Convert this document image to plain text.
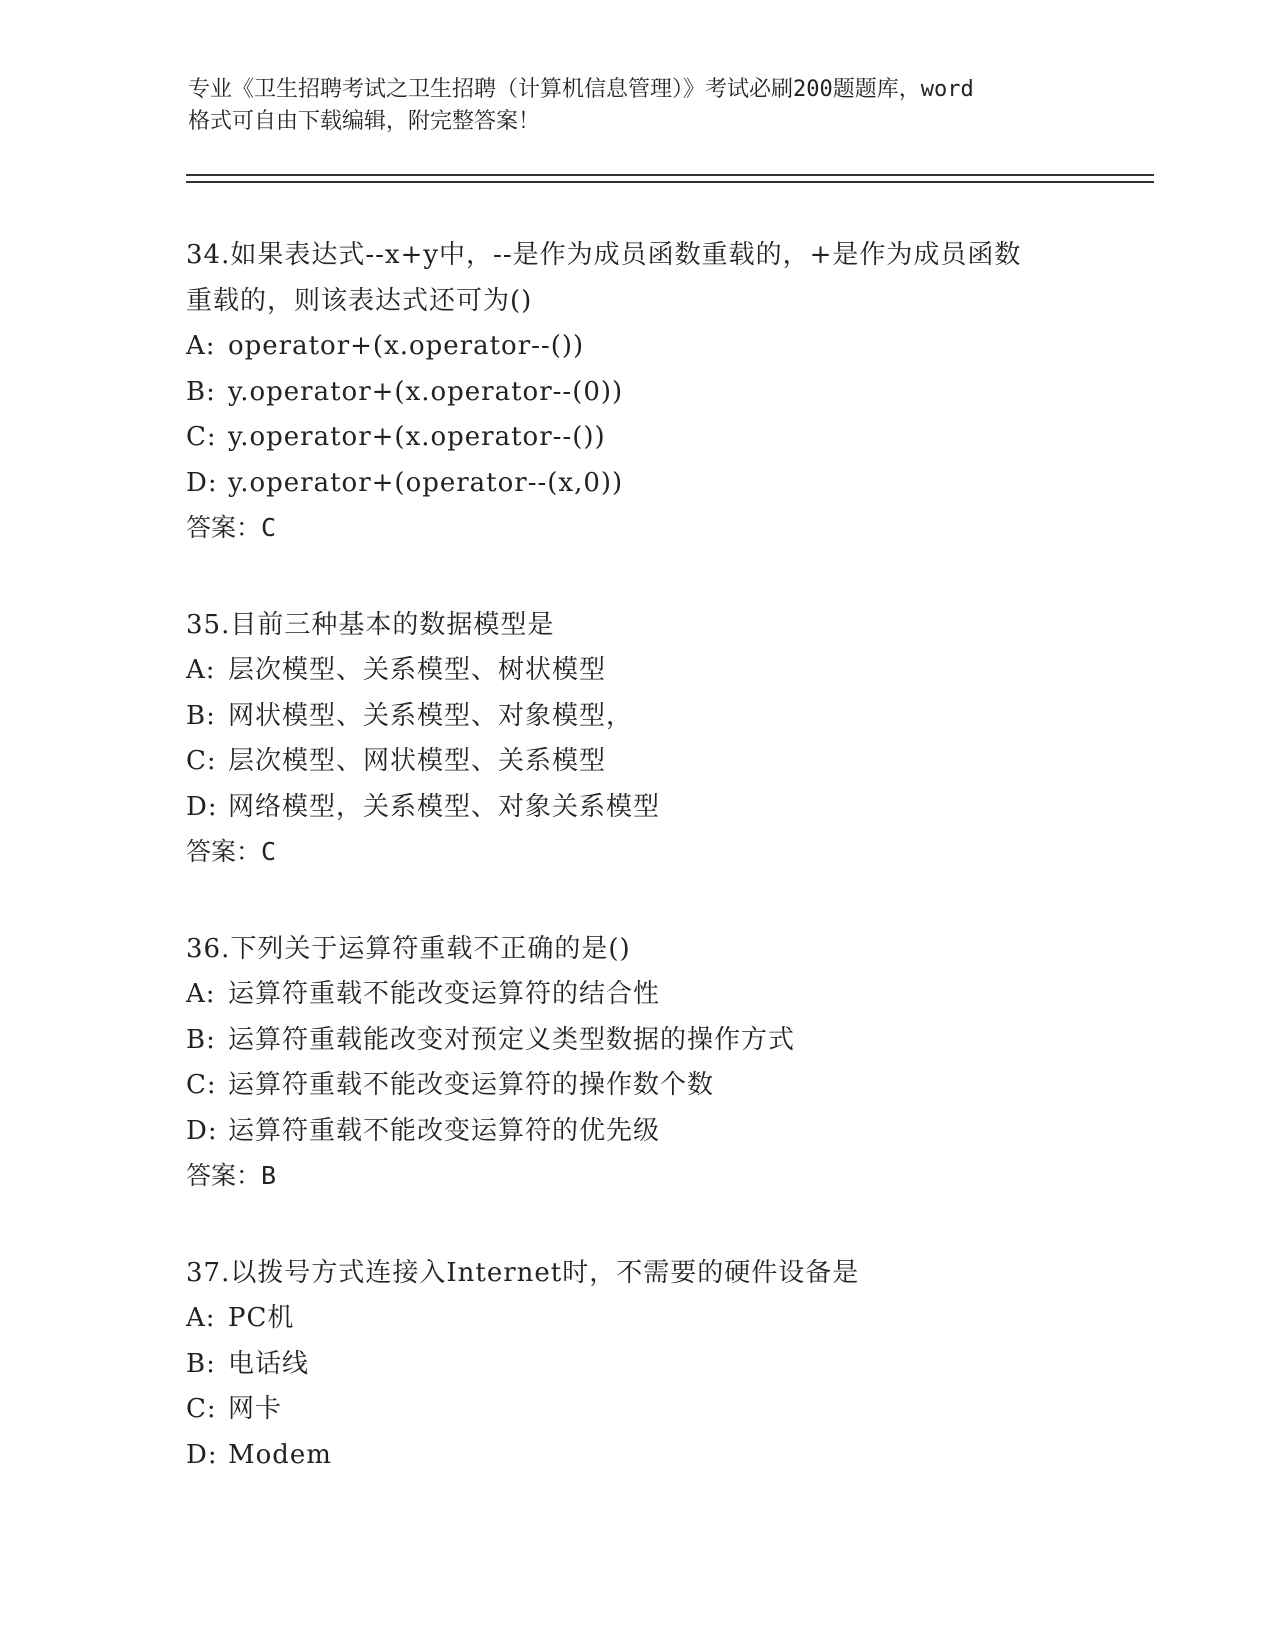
专业《卫生招聘考试之卫生招聘（计算机信息管理）》考试必刷200题题库，word
格式可自由下载编辑，附完整答案！
34.如果表达式--x+y中，--是作为成员函数重载的，+是作为成员函数
重载的，则该表达式还可为()
A: operator+(x.operator--())
B: y.operator+(x.operator--(0))
C: y.operator+(x.operator--())
D: y.operator+(operator--(x,0))
答案：C
35.目前三种基本的数据模型是
A: 层次模型、关系模型、树状模型
B: 网状模型、关系模型、对象模型，
C: 层次模型、网状模型、关系模型
D: 网络模型，关系模型、对象关系模型
答案：C
36.下列关于运算符重载不正确的是()
A: 运算符重载不能改变运算符的结合性
B: 运算符重载能改变对预定义类型数据的操作方式
C: 运算符重载不能改变运算符的操作数个数
D: 运算符重载不能改变运算符的优先级
答案：B
37.以拨号方式连接入Internet时，不需要的硬件设备是
A: PC机
B: 电话线
C: 网卡
D: Modem
